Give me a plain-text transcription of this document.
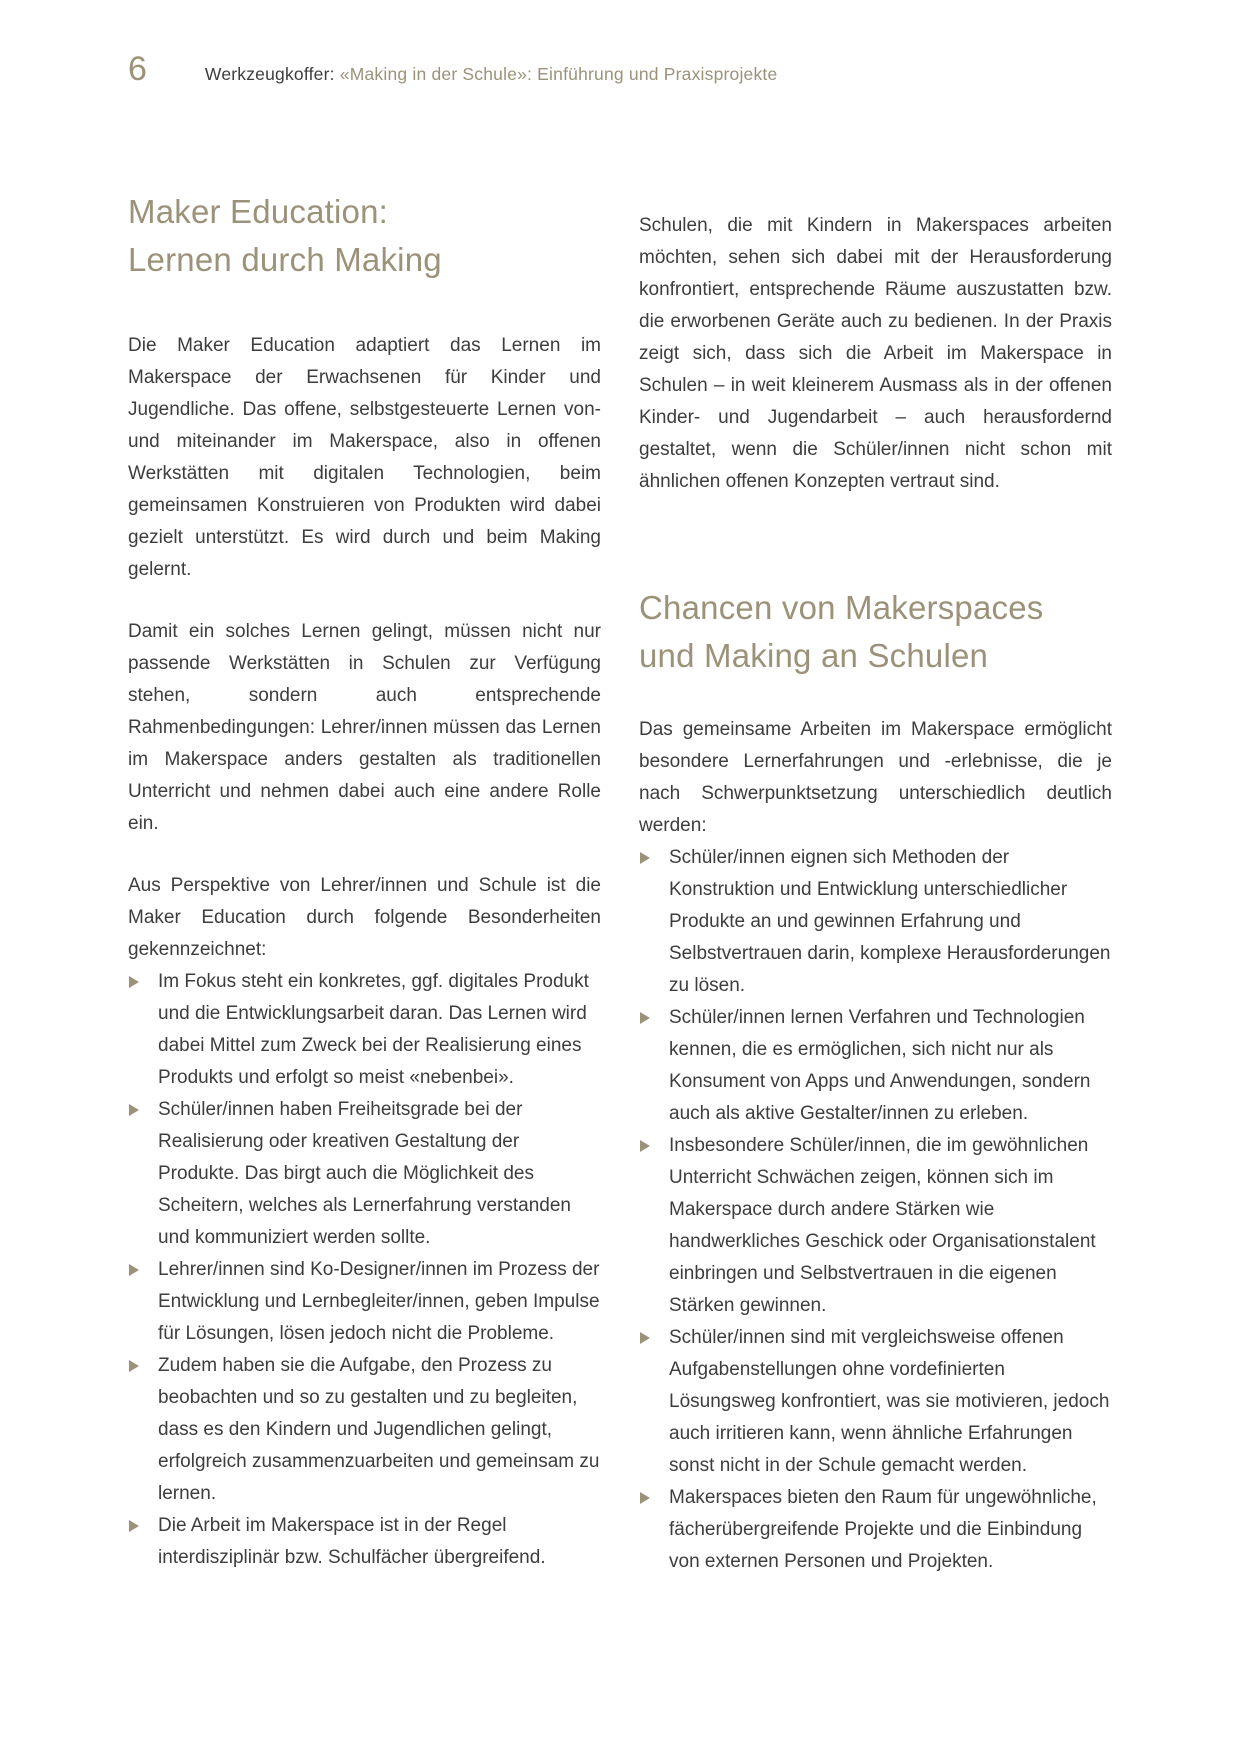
6	Werkzeugkoffer: «Making in der Schule»: Einführung und Praxisprojekte
Maker Education:
Lernen durch Making

Die Maker Education adaptiert das Lernen im Makerspace der Erwachsenen für Kinder und Jugendliche. Das offene, selbstgesteuerte Lernen von- und miteinander im Makerspace, also in offenen Werkstätten mit digitalen Technologien, beim gemeinsamen Konstruieren von Produkten wird dabei gezielt unterstützt. Es wird durch und beim Making gelernt.

Damit ein solches Lernen gelingt, müssen nicht nur passende Werkstätten in Schulen zur Verfügung stehen, sondern auch entsprechende Rahmenbedingungen: Lehrer/innen müssen das Lernen im Makerspace anders gestalten als traditionellen Unterricht und nehmen dabei auch eine andere Rolle ein.

Aus Perspektive von Lehrer/innen und Schule ist die Maker Education durch folgende Besonderheiten gekennzeichnet:

Im Fokus steht ein konkretes, ggf. digitales Produkt und die Entwicklungsarbeit daran. Das Lernen wird dabei Mittel zum Zweck bei der Realisierung eines Produkts und erfolgt so meist «nebenbei».
Schüler/innen haben Freiheitsgrade bei der Realisierung oder kreativen Gestaltung der Produkte. Das birgt auch die Möglichkeit des Scheitern, welches als Lernerfahrung verstanden und kommuniziert werden sollte.
Lehrer/innen sind Ko-Designer/innen im Prozess der Entwicklung und Lernbegleiter/innen, geben Impulse für Lösungen, lösen jedoch nicht die Probleme.
Zudem haben sie die Aufgabe, den Prozess zu beobachten und so zu gestalten und zu begleiten, dass es den Kindern und Jugendlichen gelingt, erfolgreich zusammenzuarbeiten und gemeinsam zu lernen.
Die Arbeit im Makerspace ist in der Regel interdisziplinär bzw. Schulfächer übergreifend.

Schulen, die mit Kindern in Makerspaces arbeiten möchten, sehen sich dabei mit der Herausforderung konfrontiert, entsprechende Räume auszustatten bzw. die erworbenen Geräte auch zu bedienen. In der Praxis zeigt sich, dass sich die Arbeit im Makerspace in Schulen – in weit kleinerem Ausmass als in der offenen Kinder- und Jugendarbeit – auch herausfordernd gestaltet, wenn die Schüler/innen nicht schon mit ähnlichen offenen Konzepten vertraut sind.

Chancen von Makerspaces
und Making an Schulen

Das gemeinsame Arbeiten im Makerspace ermöglicht besondere Lernerfahrungen und -erlebnisse, die je nach Schwerpunktsetzung unterschiedlich deutlich werden:

Schüler/innen eignen sich Methoden der Konstruktion und Entwicklung unterschiedlicher Produkte an und gewinnen Erfahrung und Selbstvertrauen darin, komplexe Herausforderungen zu lösen.
Schüler/innen lernen Verfahren und Technologien kennen, die es ermöglichen, sich nicht nur als Konsument von Apps und Anwendungen, sondern auch als aktive Gestalter/innen zu erleben.
Insbesondere Schüler/innen, die im gewöhnlichen Unterricht Schwächen zeigen, können sich im Makerspace durch andere Stärken wie handwerkliches Geschick oder Organisationstalent einbringen und Selbstvertrauen in die eigenen Stärken gewinnen.
Schüler/innen sind mit vergleichsweise offenen Aufgabenstellungen ohne vordefinierten Lösungsweg konfrontiert, was sie motivieren, jedoch auch irritieren kann, wenn ähnliche Erfahrungen sonst nicht in der Schule gemacht werden.
Makerspaces bieten den Raum für ungewöhnliche, fächerübergreifende Projekte und die Einbindung von externen Personen und Projekten.
